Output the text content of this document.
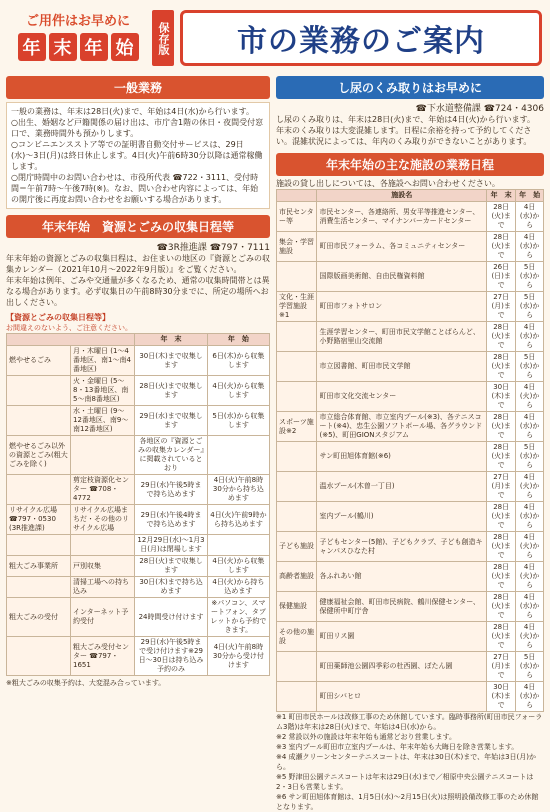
ご用件はお早めに
年 末 年 始	保存版	市の業務のご案内
一般業務

一般の業務は、年末は28日(火)まで、年始は4日(水)から行います。

○出生、婚姻など戸籍関係の届け出は、市庁舎1階の休日・夜間受付窓口で、業務時間外も預かりします。

○コンビニエンスストア等での証明書自動交付サービスは、29日(水)〜3日(月)は終日休止します。4日(火)午前6時30分以降は通常稼働します。

○閉庁時間中のお問い合わせは、市役所代表 ☎722・3111、受付時間＝午前7時〜午後7時(※)。なお、問い合わせ内容によっては、年始の開庁後に再度お問い合わせをお願いする場合があります。

年末年始　資源とごみの収集日程等
☎3R推進課 ☎797・7111

年末年始の資源とごみの収集日程は、お住まいの地区の『資源とごみの収集カレンダー（2021年10月〜2022年9月版）』をご覧ください。

年末年始は例年、ごみや交通量が多くなるため、通常の収集時間帯とは異なる場合があります。必ず収集日の午前8時30分までに、所定の場所へお出しください。

【資源とごみの収集日程等】
お間違えのないよう、ご注意ください。
		年　末	年　始
燃やせるごみ	月・木曜日 (1〜4番地区、南1〜南4番地区)	30日(木)まで収集します	6日(木)から収集します
	火・金曜日 (5〜8・13番地区、南5〜南8番地区)	28日(火)まで収集します	4日(火)から収集します
	水・土曜日 (9〜12番地区、南9〜南12番地区)	29日(水)まで収集します	5日(水)から収集します
燃やせるごみ以外の資源とごみ(粗大ごみを除く)		各地区の『資源とごみの収集カレンダー』に掲載されているとおり	
	剪定枝資源化センター ☎708・4772	29日(水)午後5時まで持ち込めます	4日(火)午前8時30分から持ち込めます
リサイクル広場 ☎797・0530 (3R推進課)	リサイクル広場まちだ・その他のリサイクル広場	29日(水)午後4時まで持ち込めます	4日(火)午前9時から持ち込めます
		12月29日(水)〜1月3日(月)は閉場します	
粗大ごみ事業所	戸別収集	28日(火)まで収集します	4日(火)から収集します
	清掃工場への持ち込み	30日(木)まで持ち込めます	4日(火)から持ち込めます
粗大ごみの受付	インターネット予約受付	24時間受け付けます	※パソコン、スマートフォン、タブレットから予約できます。
	粗大ごみ受付センター ☎797・1651	29日(水)午後5時まで受け付けます※29日〜30日は持ち込み予約のみ	4日(火)午前8時30分から受け付けます
※粗大ごみの収集予約は、大変混み合っています。
し尿のくみ取りはお早めに
☎下水道整備課 ☎724・4306

し尿のくみ取りは、年末は28日(火)まで、年始は4日(火)から行います。

年末のくみ取りは大変混雑します。日程に余裕を持って予約してください。混雑状況によっては、年内のくみ取りができないことがあります。

年末年始の主な施設の業務日程

施設の貸し出しについては、各施設へお問い合わせください。

	施設名	年　末	年　始
市民センター等	市民センター、各連絡所、男女平等推進センター、消費生活センター、マイナンバーカードセンター	28日(火)まで	4日(水)から
集会・学習施設	町田市民フォーラム、各コミュニティセンター	28日(火)まで	4日(水)から
	国際版画美術館、自由民権資料館	26日(日)まで	5日(水)から
文化・生涯学習施設※1	町田市フォトサロン	27日(月)まで	5日(水)から
	生涯学習センター、町田市民文学館ことばらんど、小野路宿里山交流館	28日(火)まで	4日(水)から
	市立図書館、町田市民文学館	28日(火)まで	5日(水)から
	町田市文化交流センター	30日(木)まで	4日(火)から
スポーツ施設※2	市立総合体育館、市立室内プール(※3)、各テニスコート(※4)、忠生公園ソフトボール場、各グラウンド(※5)、町田GIONスタジアム	28日(火)まで	4日(水)から
	サン町田旭体育館(※6)	28日(火)まで	5日(水)から
	温水プール(木曽一丁目)	27日(月)まで	4日(火)から
	室内プール(鶴川)	28日(火)まで	4日(水)から
子ども施設	子どもセンター(5館)、子どもクラブ、子ども創造キャンパスひなた村	28日(火)まで	4日(火)から
高齢者施設	各ふれあい館	28日(火)まで	4日(火)から
保健施設	健康福祉会館、町田市民病院、鶴川保健センター、保健所中町庁舎	28日(火)まで	4日(水)から
その他の施設	町田リス園	28日(火)まで	4日(火)から
	町田薬師池公園四季彩の杜西園、ぼたん園	27日(月)まで	5日(水)から
	町田シバヒロ	30日(木)まで	4日(水)から
※1 町田市民ホールは改修工事のため休館しています。臨時事務所(町田市民フォーラム3階)は年末は28日(火)まで、年始は4日(水)から。
※2 常設以外の施設は年末年始も通常どおり営業します。
※3 室内プール町田市立室内プールは、年末年始も大晦日を除き営業します。
※4 成瀬クリーンセンターテニスコートは、年末は30日(木)まで、年始は3日(月)から。
※5 野津田公園テニスコートは年末は29日(水)まで／相原中央公園テニスコートは2・3日も営業します。
※6 サン町田旭体育館は、1月5日(水)〜2月15日(火)は照明設備改修工事のため休館となります。
